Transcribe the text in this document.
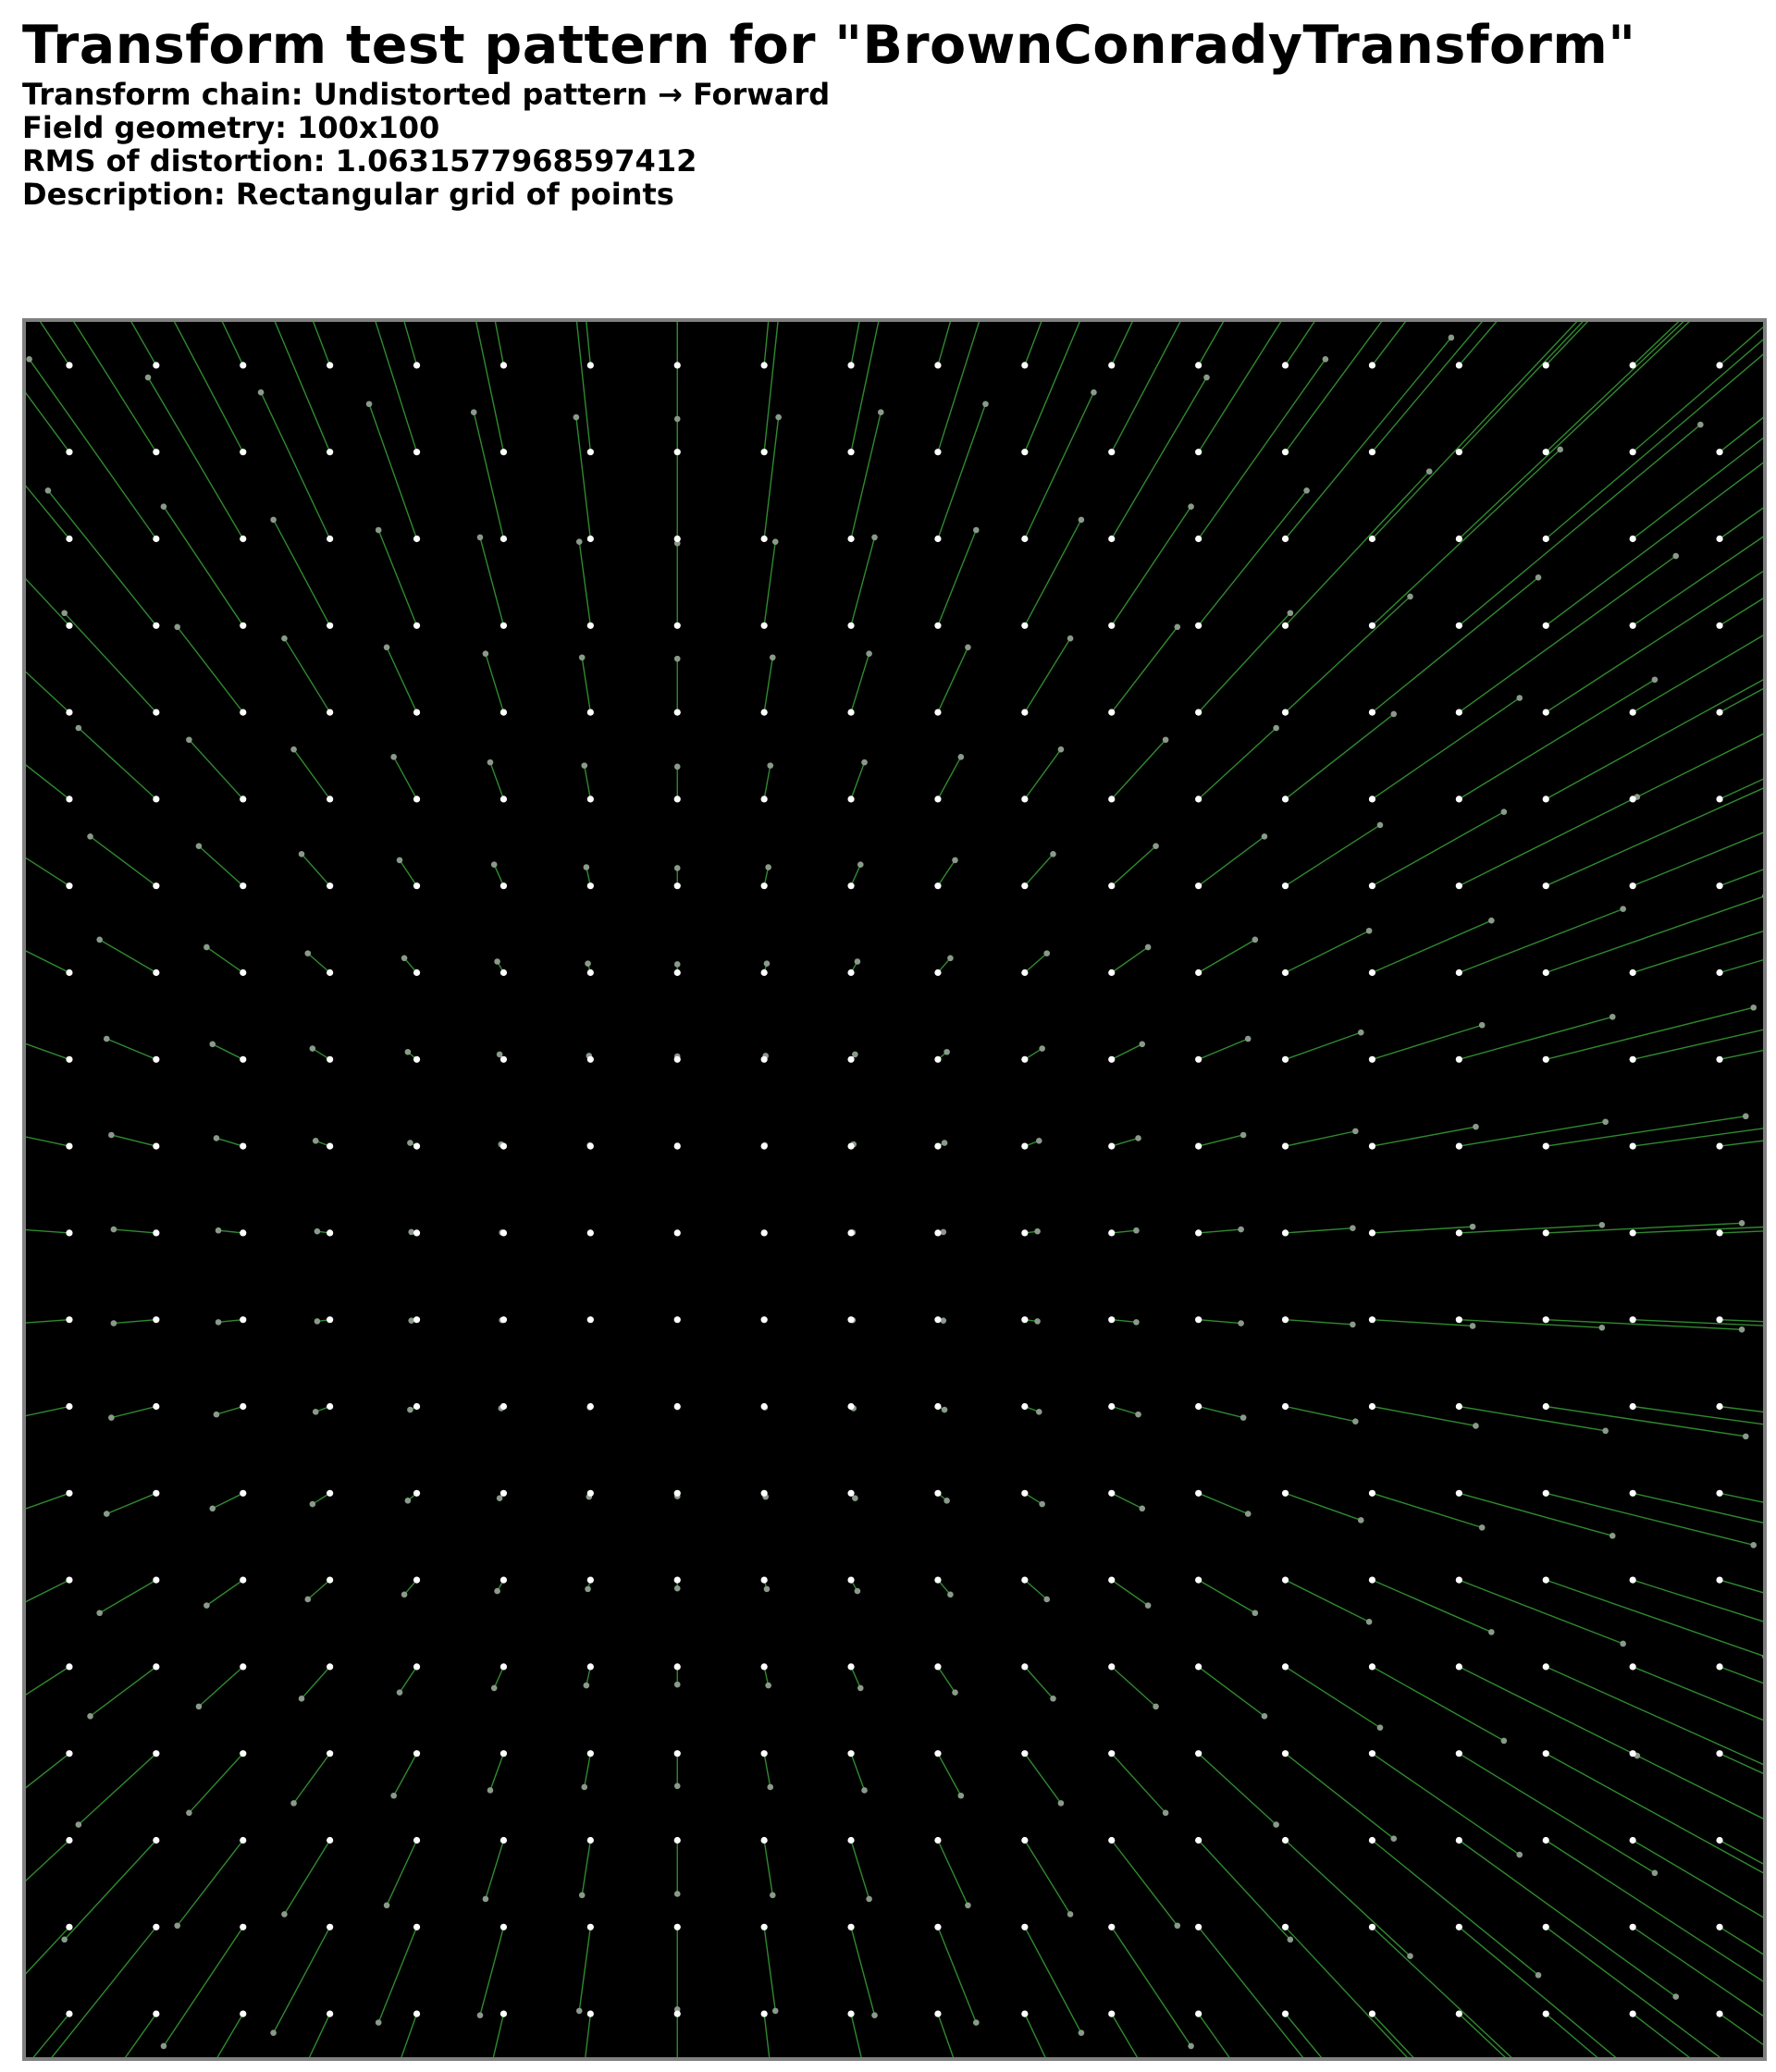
Transform test pattern for "BrownConradyTransform"
Transform chain: Undistorted pattern → Forward
Field geometry: 100x100
RMS of distortion: 1.0631577968597412
Description: Rectangular grid of points
